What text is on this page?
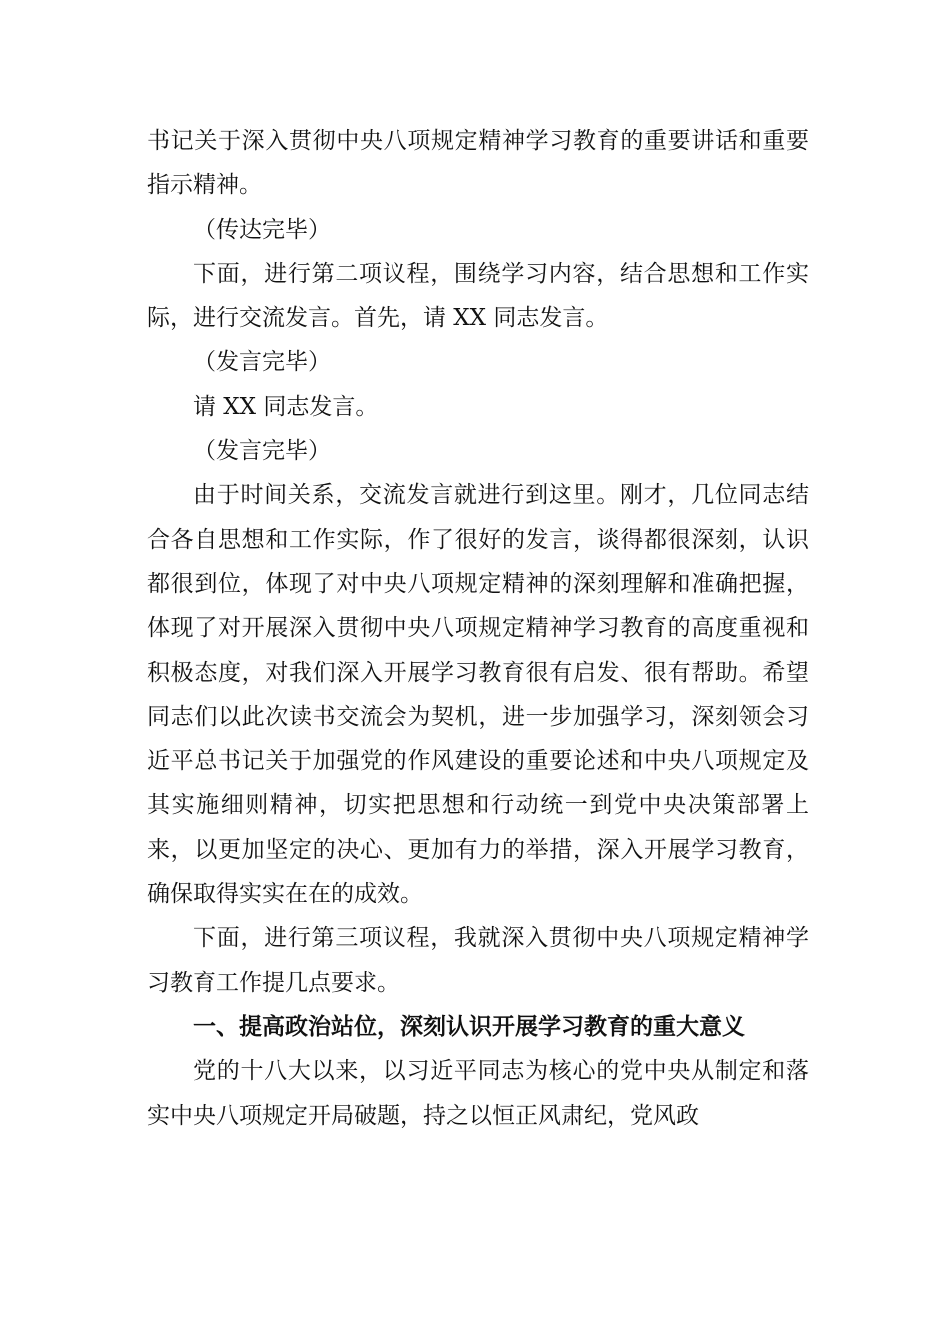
书记关于深入贯彻中央八项规定精神学习教育的重要讲话和重要指示精神。

（传达完毕）

下面，进行第二项议程，围绕学习内容，结合思想和工作实际，进行交流发言。首先，请 XX 同志发言。

（发言完毕）

请 XX 同志发言。

（发言完毕）

由于时间关系，交流发言就进行到这里。刚才，几位同志结合各自思想和工作实际，作了很好的发言，谈得都很深刻，认识都很到位，体现了对中央八项规定精神的深刻理解和准确把握，体现了对开展深入贯彻中央八项规定精神学习教育的高度重视和积极态度，对我们深入开展学习教育很有启发、很有帮助。希望同志们以此次读书交流会为契机，进一步加强学习，深刻领会习近平总书记关于加强党的作风建设的重要论述和中央八项规定及其实施细则精神，切实把思想和行动统一到党中央决策部署上来，以更加坚定的决心、更加有力的举措，深入开展学习教育，确保取得实实在在的成效。

下面，进行第三项议程，我就深入贯彻中央八项规定精神学习教育工作提几点要求。

一、提高政治站位，深刻认识开展学习教育的重大意义

党的十八大以来，以习近平同志为核心的党中央从制定和落实中央八项规定开局破题，持之以恒正风肃纪，党风政
